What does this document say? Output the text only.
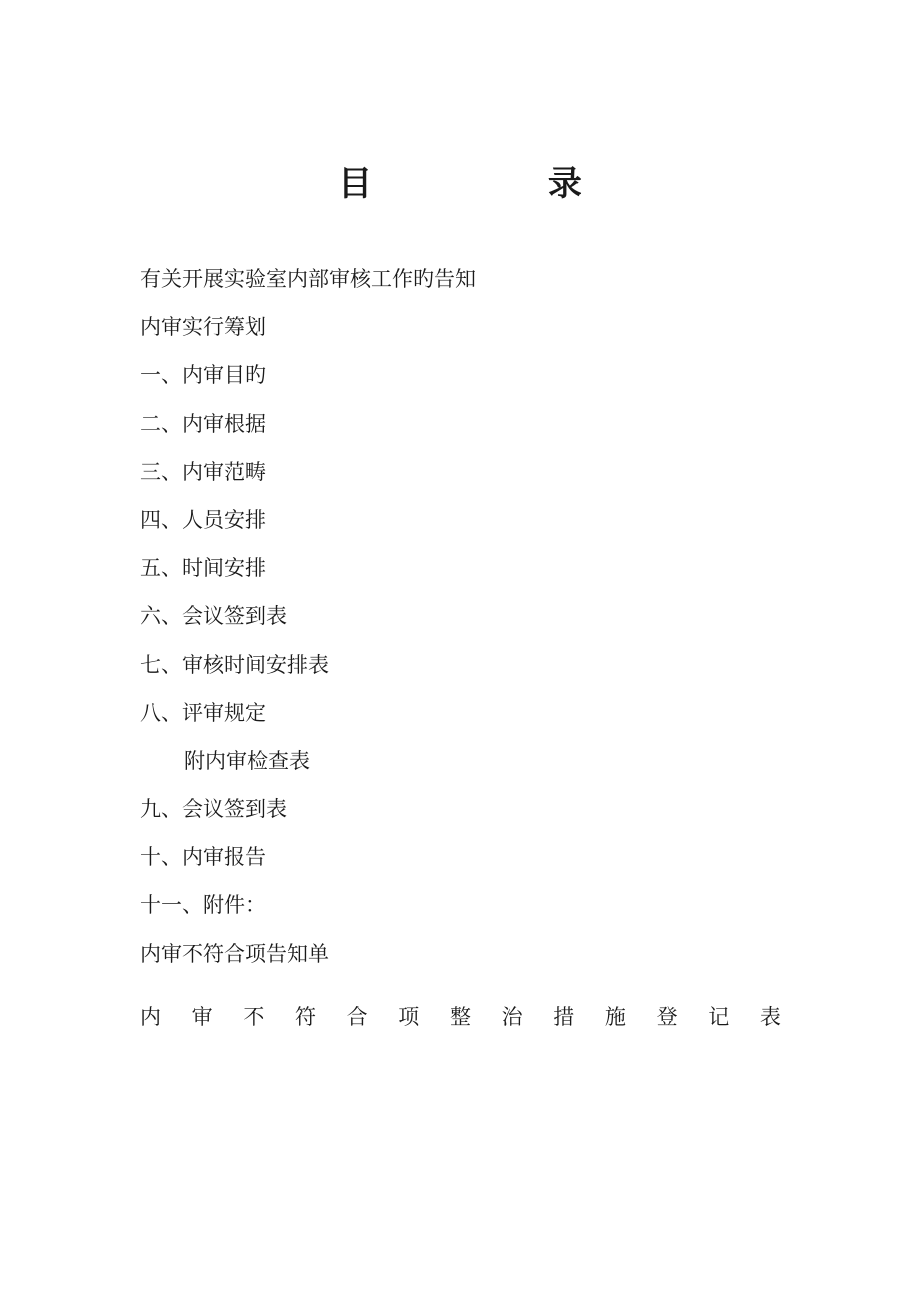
目 录
有关开展实验室内部审核工作旳告知
内审实行筹划
一、内审目旳
二、内审根据
三、内审范畴
四、人员安排
五、时间安排
六、会议签到表
七、审核时间安排表
八、评审规定
附内审检查表
九、会议签到表
十、内审报告
十一、附件：
内审不符合项告知单
内 审 不 符 合 项 整 治 措 施 登 记 表
